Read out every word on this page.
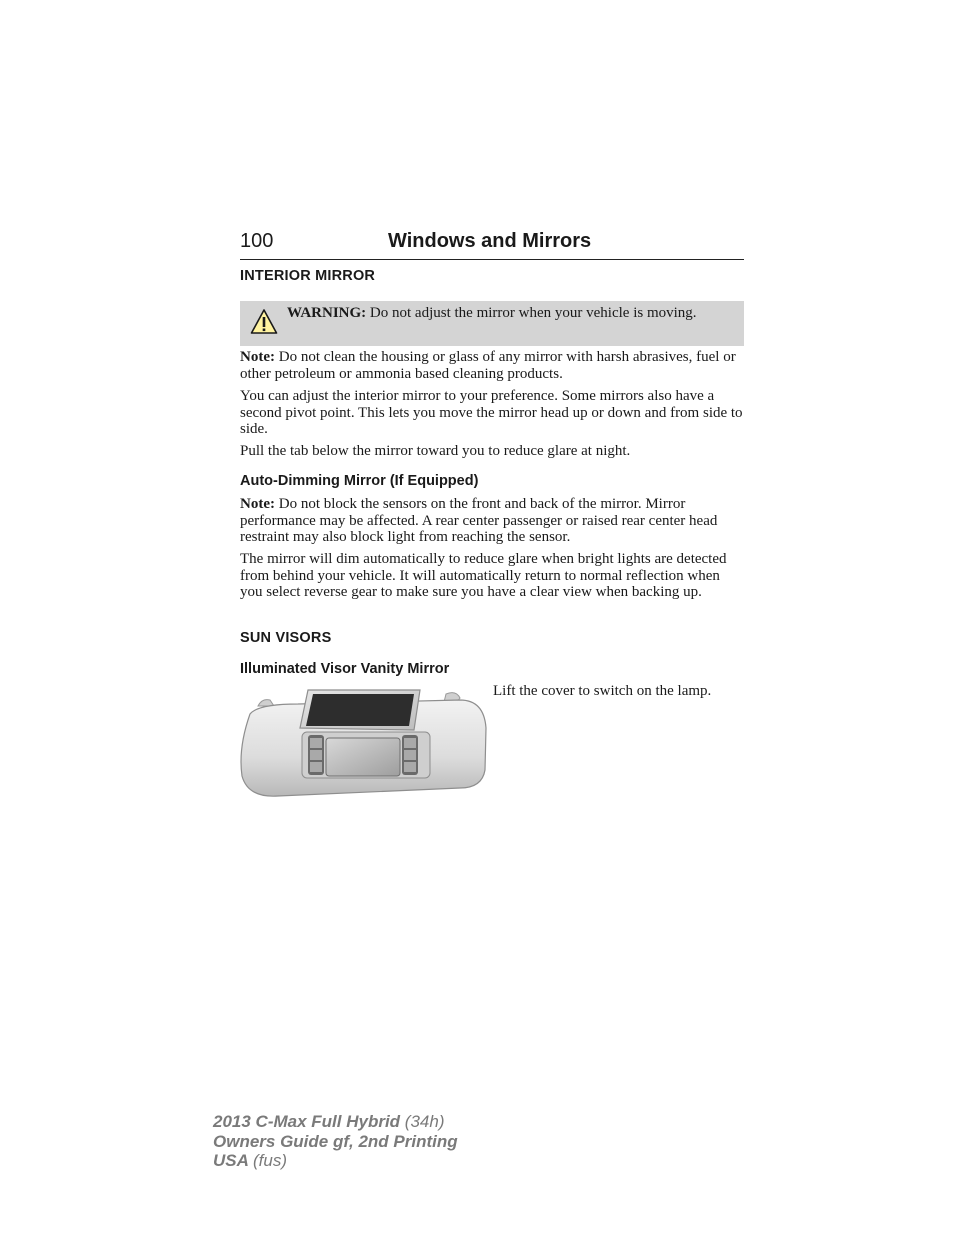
100	Windows and Mirrors
INTERIOR MIRROR
WARNING: Do not adjust the mirror when your vehicle is moving.
Note: Do not clean the housing or glass of any mirror with harsh abrasives, fuel or other petroleum or ammonia based cleaning products.
You can adjust the interior mirror to your preference. Some mirrors also have a second pivot point. This lets you move the mirror head up or down and from side to side.
Pull the tab below the mirror toward you to reduce glare at night.
Auto-Dimming Mirror (If Equipped)
Note: Do not block the sensors on the front and back of the mirror. Mirror performance may be affected. A rear center passenger or raised rear center head restraint may also block light from reaching the sensor.
The mirror will dim automatically to reduce glare when bright lights are detected from behind your vehicle. It will automatically return to normal reflection when you select reverse gear to make sure you have a clear view when backing up.
SUN VISORS
Illuminated Visor Vanity Mirror
Lift the cover to switch on the lamp.
2013 C-Max Full Hybrid (34h)
Owners Guide gf, 2nd Printing
USA (fus)
